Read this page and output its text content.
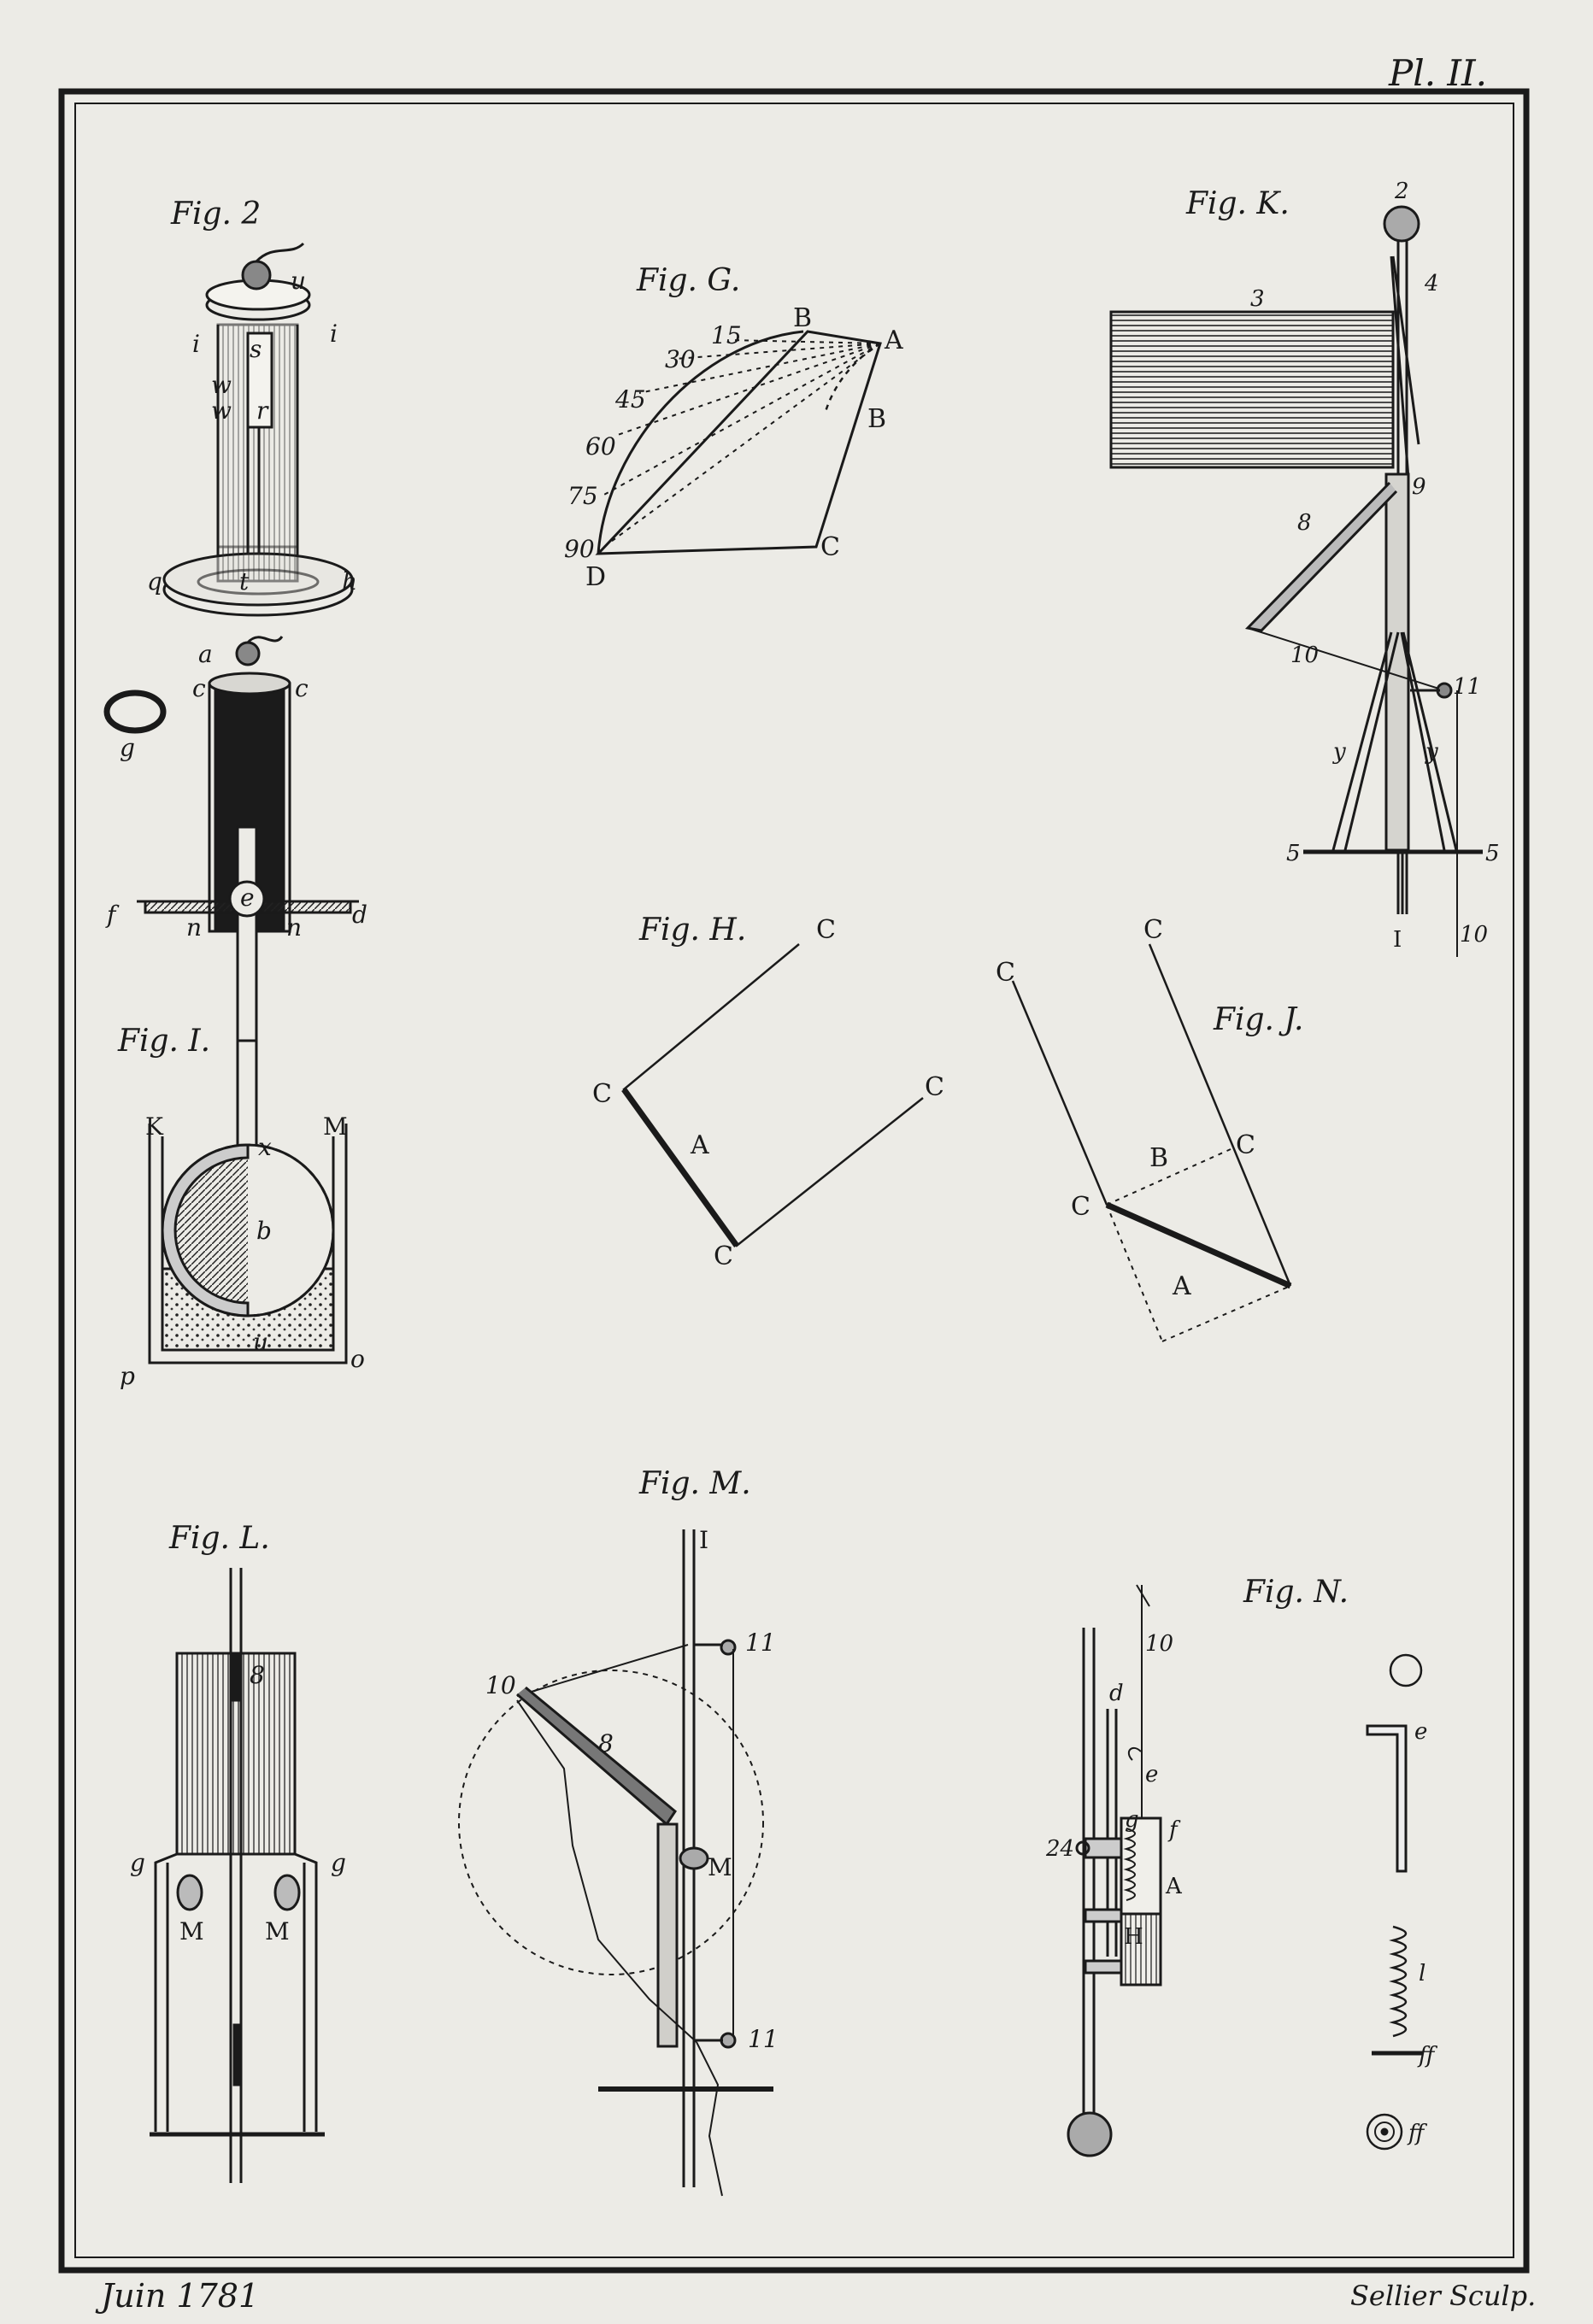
Pl. II.
Juin 1781	Sellier Sculp.
Fig. 2
u
i	i
s
w
w r
t
q	h
Fig. I.
a
c	c
g
e
f	d
n	n
K	M
x
b
u
p
o
Fig. G.
B
A
B
C
D
15
30
45
60
75
90
Fig. K.	2
3
4
9
8
10
11
y	y
5	5
I	10
Fig. H.	C
C
A
C
C
Fig. J.
C
C
B	C
C
A
Fig. L.
8
g	g
M	M
Fig. M.
I
11
10
8
M
11
Fig. N.
10
d
e
f
g
24
A
H
e
l
ff
ff
